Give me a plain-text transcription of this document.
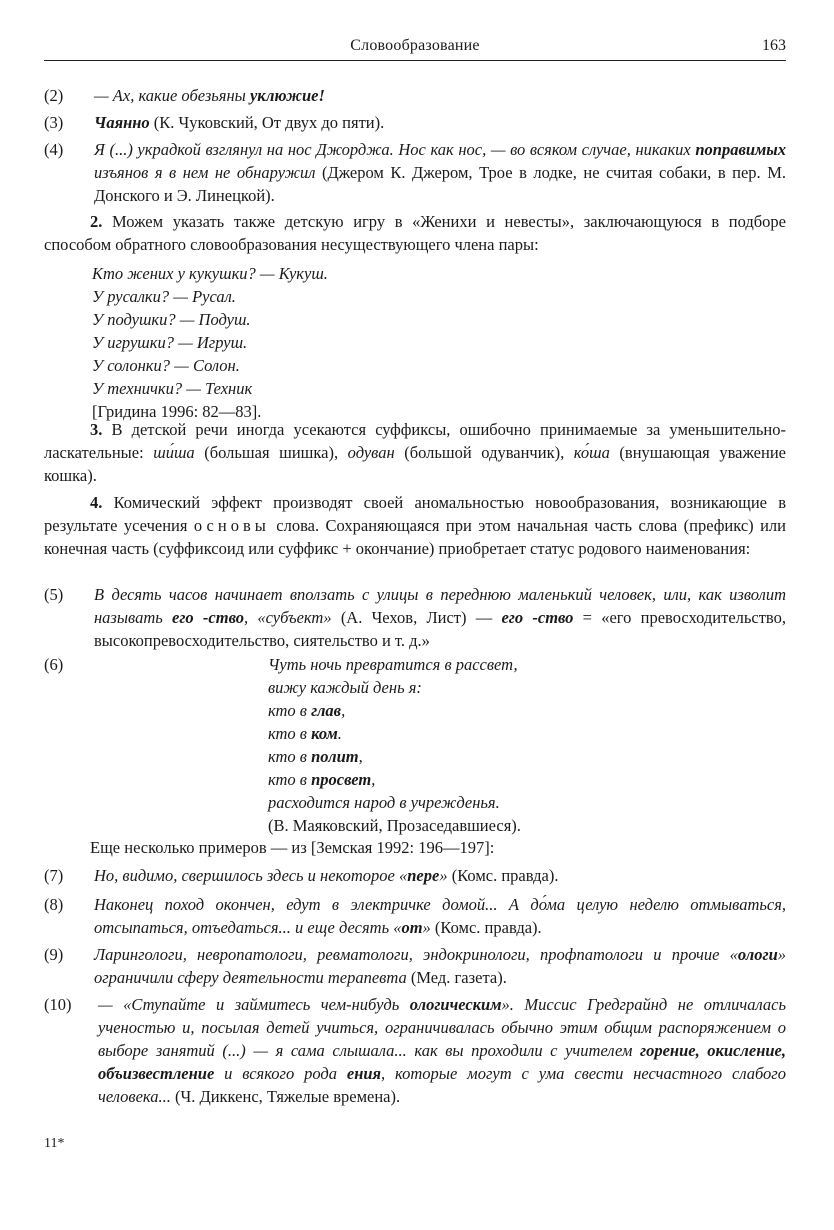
Словообразование	163
(2)	— Ах, какие обезьяны уклюжие!
(3)	Чаянно (К. Чуковский, От двух до пяти).
(4)	Я (...) украдкой взглянул на нос Джорджа. Нос как нос, — во всяком случае, никаких поправимых изъянов я в нем не обнаружил (Джером К. Джером, Трое в лодке, не считая собаки, в пер. М. Донского и Э. Линецкой).
2. Можем указать также детскую игру в «Женихи и невесты», заключающуюся в подборе способом обратного словообразования несуществующего члена пары:
Кто жених у кукушки? — Кукуш.
У русалки? — Русал.
У подушки? — Подуш.
У игрушки? — Игруш.
У солонки? — Солон.
У технички? — Техник
[Гридина 1996: 82—83].
3. В детской речи иногда усекаются суффиксы, ошибочно принимаемые за уменьшительно-ласкательные: ши́ша (большая шишка), одуван (большой одуванчик), ко́ша (внушающая уважение кошка).
4. Комический эффект производят своей аномальностью новообразования, возникающие в результате усечения основы слова. Сохраняющаяся при этом начальная часть слова (префикс) или конечная часть (суффиксоид или суффикс + окончание) приобретает статус родового наименования:
(5)	В десять часов начинает вползать с улицы в переднюю маленький человек, или, как изволит называть его -ство, «субъект» (А. Чехов, Лист) — его -ство = «его превосходительство, высокопревосходительство, сиятельство и т. д.»
(6)	Чуть ночь превратится в рассвет,
вижу каждый день я:
кто в глав,
кто в ком.
кто в полит,
кто в просвет,
расходится народ в учрежденья.
(В. Маяковский, Прозаседавшиеся).
Еще несколько примеров — из [Земская 1992: 196—197]:
(7)	Но, видимо, свершилось здесь и некоторое «пере» (Комс. правда).
(8)	Наконец поход окончен, едут в электричке домой... А до́ма целую неделю отмываться, отсыпаться, отъедаться... и еще десять «от» (Комс. правда).
(9)	Ларингологи, невропатологи, ревматологи, эндокринологи, профпатологи и прочие «ологи» ограничили сферу деятельности терапевта (Мед. газета).
(10)	— «Ступайте и займитесь чем-нибудь ологическим». Миссис Гредграйнд не отличалась ученостью и, посылая детей учиться, ограничивалась обычно этим общим распоряжением о выборе занятий (...) — я сама слышала... как вы проходили с учителем горение, окисление, объизвестление и всякого рода ения, которые могут с ума свести несчастного слабого человека... (Ч. Диккенс, Тяжелые времена).
11*
